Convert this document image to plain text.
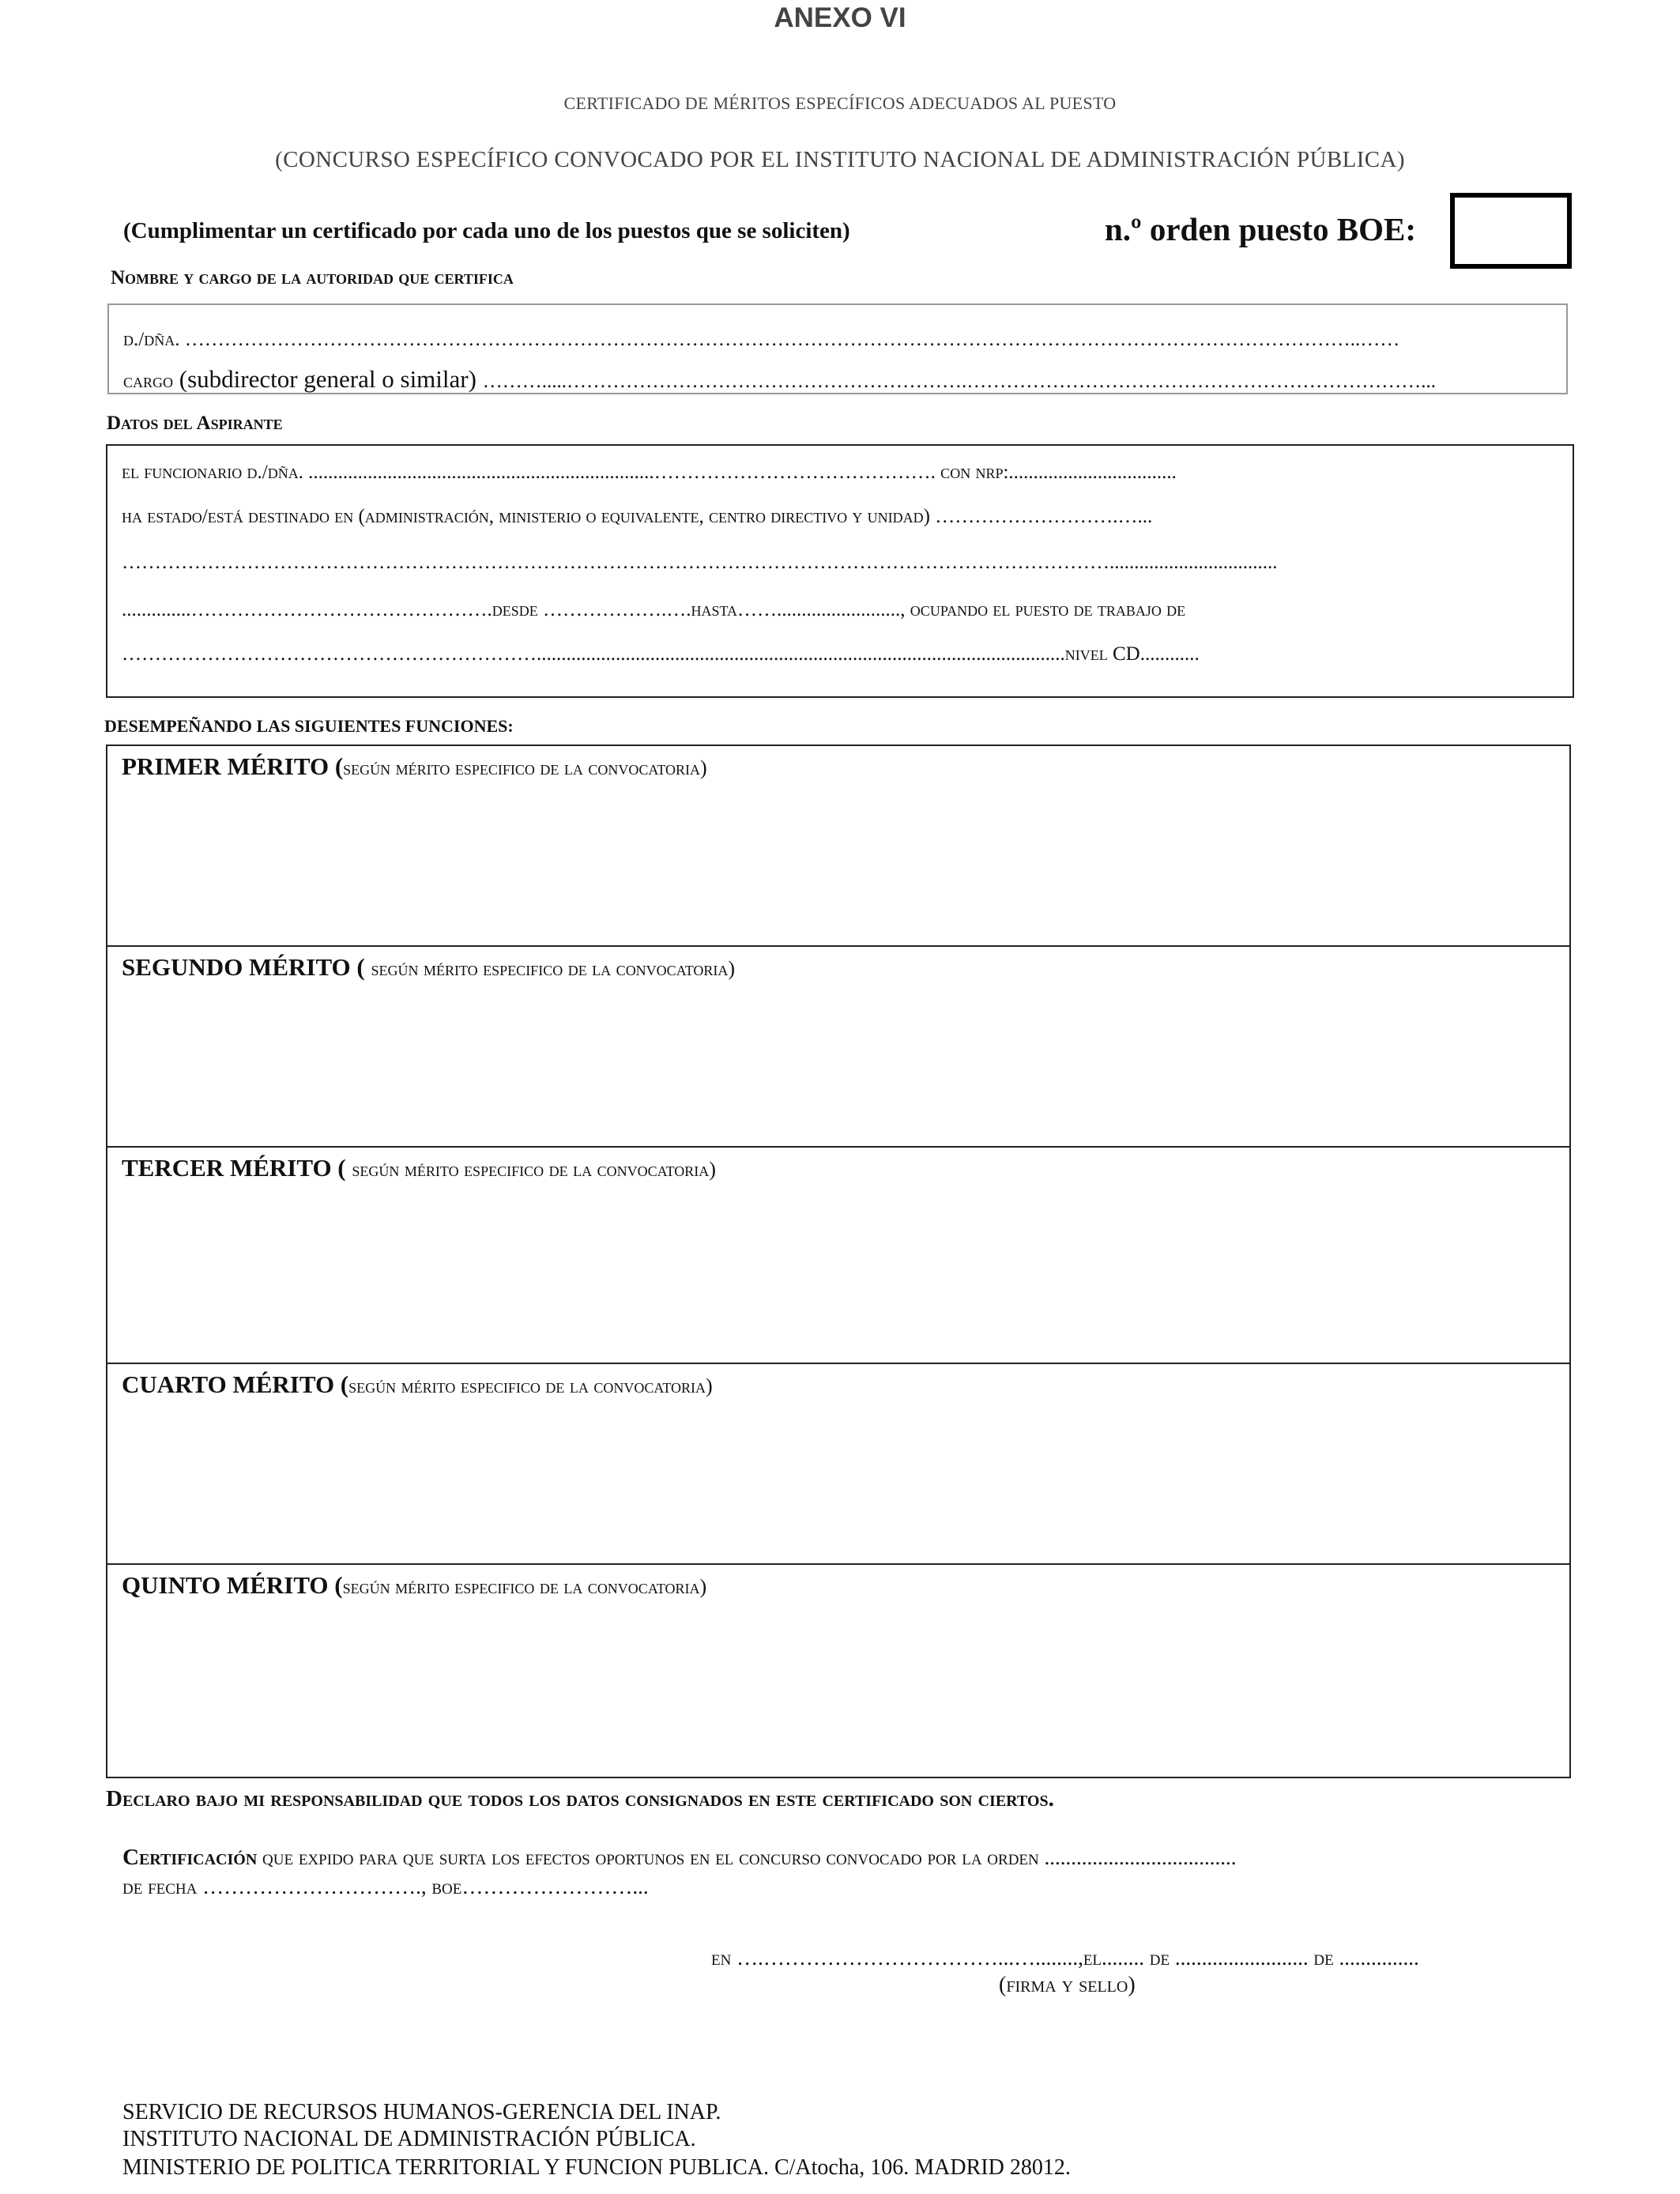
ANEXO VI
CERTIFICADO DE MÉRITOS ESPECÍFICOS ADECUADOS AL PUESTO
(CONCURSO ESPECÍFICO CONVOCADO POR EL INSTITUTO NACIONAL DE ADMINISTRACIÓN PÚBLICA)
(Cumplimentar un certificado por cada uno de los puestos que se soliciten)	n.º orden puesto BOE:
Nombre y cargo de la autoridad que certifica
d./dña. ……………………………………………………………………………………………………………………………………………………………..……
cargo (subdirector general o similar) ……….....…………………………………………………….……………………………………………………………...
Datos del Aspirante
el funcionario d./dña. ......................................................................……………………………………. con nrp:..................................
ha estado/está destinado en (administración, ministerio o equivalente, centro directivo y unidad) ……………………….…...
……………………………………………………………………………………………………………………………………..................................
..............……………………………………….desde ……………….….hasta……........................., ocupando el puesto de trabajo de
………………………………………………………...........................................................................................................nivel CD............
DESEMPEÑANDO LAS SIGUIENTES FUNCIONES:
PRIMER MÉRITO (según mérito especifico de la convocatoria)
SEGUNDO MÉRITO ( según mérito especifico de la convocatoria)
TERCER MÉRITO ( según mérito especifico de la convocatoria)
CUARTO MÉRITO (según mérito especifico de la convocatoria)
QUINTO MÉRITO (según mérito especifico de la convocatoria)
Declaro bajo mi responsabilidad que todos los datos consignados en este certificado son ciertos.
Certificación que expido para que surta los efectos oportunos en el concurso convocado por la orden ....................................
de fecha …………………………., boe……………………...
en ….……………………………...…........,el........ de ......................... de ...............
(firma y sello)
SERVICIO DE RECURSOS HUMANOS-GERENCIA DEL INAP.
INSTITUTO NACIONAL DE ADMINISTRACIÓN PÚBLICA.
MINISTERIO DE POLITICA TERRITORIAL Y FUNCION PUBLICA. C/Atocha, 106. MADRID 28012.
